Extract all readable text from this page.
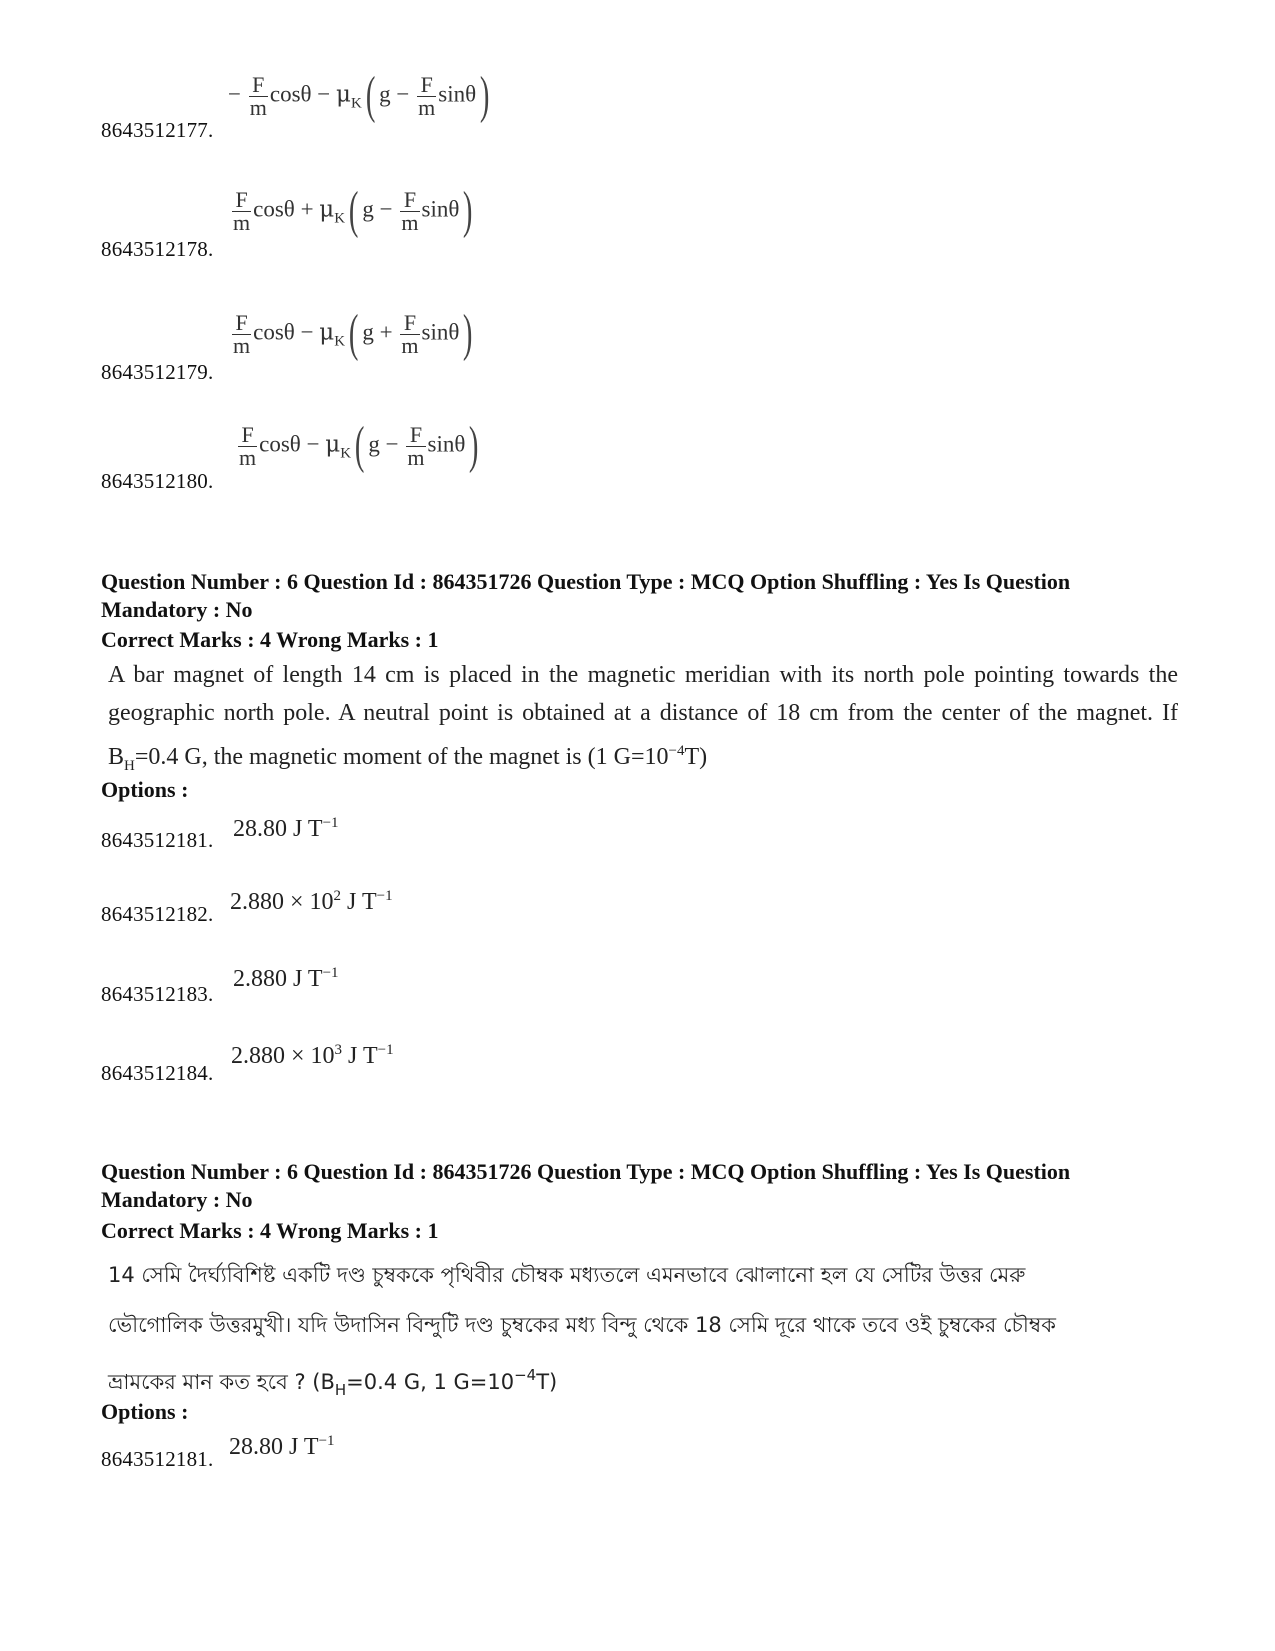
− $\frac{F}{m}$ $\cos\theta - \mu_K$( $g - \frac{F}{m} \sin\theta$)
8643512177.
$\frac{F}{m}$ $\cos\theta + \mu_K$( $g - \frac{F}{m} \sin\theta$)
8643512178.
$\frac{F}{m}$ $\cos\theta - \mu_K$( $g + \frac{F}{m} \sin\theta$)
8643512179.
$\frac{F}{m}$ $\cos\theta - \mu_K$( $g - \frac{F}{m} \sin\theta$)
8643512180.
Question Number : 6 Question Id : 864351726 Question Type : MCQ Option Shuffling : Yes Is Question
Mandatory : No
Correct Marks : 4 Wrong Marks : 1
A bar magnet of length 14 cm is placed in the magnetic meridian with its north pole pointing towards the geographic north pole. A neutral point is obtained at a distance of 18 cm from the center of the magnet. If $B_H=0.4$ G, the magnetic moment of the magnet is (1 $G=10^{-4}T$)
Options :
28.80 J $T^{-1}$
8643512181.
$2.880 \times 10^2$ J $T^{-1}$
8643512182.
2.880 J $T^{-1}$
8643512183.
$2.880 \times 10^3$ J $T^{-1}$
8643512184.
Question Number : 6 Question Id : 864351726 Question Type : MCQ Option Shuffling : Yes Is Question
Mandatory : No
Correct Marks : 4 Wrong Marks : 1
14 সেমি দৈর্ঘ্যবিশিষ্ট একটি দণ্ড চুম্বককে পৃথিবীর চৌম্বক মধ্যতলে এমনভাবে ঝোলানো হল যে সেটির উত্তর মেরু
ভৌগোলিক উত্তরমুখী। যদি উদাসিন বিন্দুটি দণ্ড চুম্বকের মধ্য বিন্দু থেকে 18 সেমি দূরে থাকে তবে ওই চুম্বকের চৌম্বক
ভ্রামকের মান কত হবে ? ($B_H=0.4$ G, 1 $G=10^{-4}T$)
Options :
28.80 J $T^{-1}$
8643512181.
